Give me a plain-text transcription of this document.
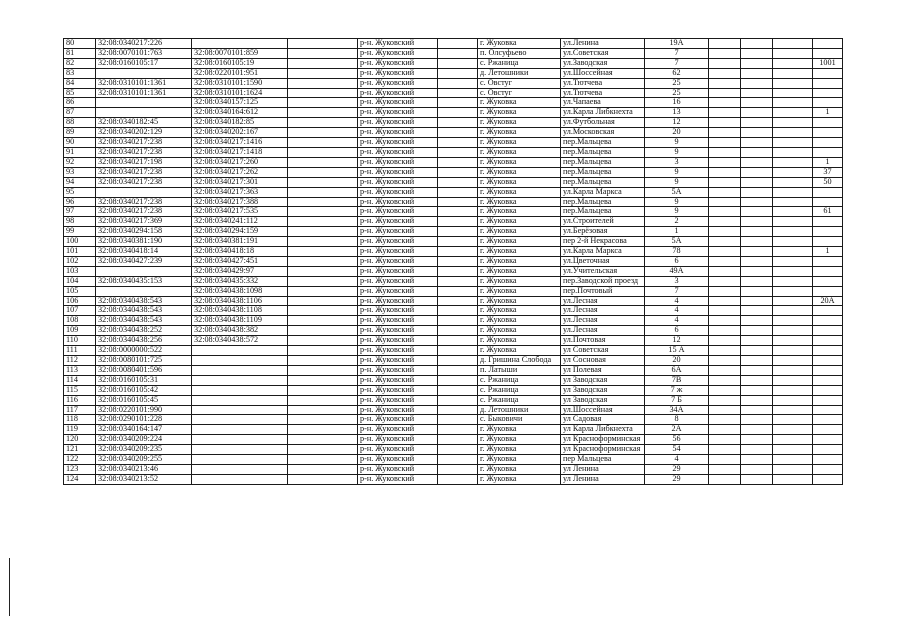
80	32:08:0340217:226			р-н. Жуковский		г. Жуковка	ул.Ленина	19А				
81	32:08:0070101:763	32:08:0070101:859		р-н. Жуковский		п. Олсуфьево	ул.Советская	7				
82	32:08:0160105:17	32:08:0160105:19		р-н. Жуковский		с. Ржаница	ул.Заводская	7				1001
83		32:08:0220101:951		р-н. Жуковский		д. Летошники	ул.Шоссейная	62				
84	32:08:0310101:1361	32:08:0310101:1590		р-н. Жуковский		с. Овстуг	ул.Тютчева	25				
85	32:08:0310101:1361	32:08:0310101:1624		р-н. Жуковский		с. Овстуг	ул.Тютчева	25				
86		32:08:0340157:125		р-н. Жуковский		г. Жуковка	ул.Чапаева	16				
87		32:08:0340164:612		р-н. Жуковский		г. Жуковка	ул.Карла Либкнехта	13				1
88	32:08:0340182:45	32:08:0340182:85		р-н. Жуковский		г. Жуковка	ул.Футбольная	12				
89	32:08:0340202:129	32:08:0340202:167		р-н. Жуковский		г. Жуковка	ул.Московская	20				
90	32:08:0340217:238	32:08:0340217:1416		р-н. Жуковский		г. Жуковка	пер.Мальцева	9				
91	32:08:0340217:238	32:08:0340217:1418		р-н. Жуковский		г. Жуковка	пер.Мальцева	9				
92	32:08:0340217:198	32:08:0340217:260		р-н. Жуковский		г. Жуковка	пер.Мальцева	3				1
93	32:08:0340217:238	32:08:0340217:262		р-н. Жуковский		г. Жуковка	пер.Мальцева	9				37
94	32:08:0340217:238	32:08:0340217:301		р-н. Жуковский		г. Жуковка	пер.Мальцева	9				50
95		32:08:0340217:363		р-н. Жуковский		г. Жуковка	ул.Карла Маркса	5А				
96	32:08:0340217:238	32:08:0340217:388		р-н. Жуковский		г. Жуковка	пер.Мальцева	9				
97	32:08:0340217:238	32:08:0340217:535		р-н. Жуковский		г. Жуковка	пер.Мальцева	9				61
98	32:08:0340217:369	32:08:0340241:112		р-н. Жуковский		г. Жуковка	ул.Строителей	2				
99	32:08:0340294:158	32:08:0340294:159		р-н. Жуковский		г. Жуковка	ул.Берёзовая	1				
100	32:08:0340381:190	32:08:0340381:191		р-н. Жуковский		г. Жуковка	пер 2-й Некрасова	5А				
101	32:08:0340418:14	32:08:0340418:18		р-н. Жуковский		г. Жуковка	ул.Карла Маркса	78				1
102	32:08:0340427:239	32:08:0340427:451		р-н. Жуковский		г. Жуковка	ул.Цветочная	6				
103		32:08:0340429:97		р-н. Жуковский		г. Жуковка	ул.Учительская	49А				
104	32:08:0340435:153	32:08:0340435:332		р-н. Жуковский		г. Жуковка	пер.Заводской проезд	3				
105		32:08:0340438:1098		р-н. Жуковский		г. Жуковка	пер.Почтовый	7				
106	32:08:0340438:543	32:08:0340438:1106		р-н. Жуковский		г. Жуковка	ул.Лесная	4				20А
107	32:08:0340438:543	32:08:0340438:1108		р-н. Жуковский		г. Жуковка	ул.Лесная	4				
108	32:08:0340438:543	32:08:0340438:1109		р-н. Жуковский		г. Жуковка	ул.Лесная	4				
109	32:08:0340438:252	32:08:0340438:382		р-н. Жуковский		г. Жуковка	ул.Лесная	6				
110	32:08:0340438:256	32:08:0340438:572		р-н. Жуковский		г. Жуковка	ул.Почтовая	12				
111	32:08:0000000:522			р-н. Жуковский		г. Жуковка	ул Советская	15 А				
112	32:08:0080101:725			р-н. Жуковский		д. Гришина Слобода	ул Сосновая	20				
113	32:08:0080401:596			р-н. Жуковский		п. Латыши	ул Полевая	6А				
114	32:08:0160105:31			р-н. Жуковский		с. Ржаница	ул Заводская	7В				
115	32:08:0160105:42			р-н. Жуковский		с. Ржаница	ул Заводская	7 ж				
116	32:08:0160105:45			р-н. Жуковский		с. Ржаница	ул Заводская	7 Б				
117	32:08:0220101:990			р-н. Жуковский		д. Летошники	ул.Шоссейная	34А				
118	32:08:0290101:228			р-н. Жуковский		с. Быковичи	ул Садовая	8				
119	32:08:0340164:147			р-н. Жуковский		г. Жуковка	ул Карла Либкнехта	2А				
120	32:08:0340209:224			р-н. Жуковский		г. Жуковка	ул Красноформинская	56				
121	32:08:0340209:235			р-н. Жуковский		г. Жуковка	ул Красноформинская	54				
122	32:08:0340209:255			р-н. Жуковский		г. Жуковка	пер Мальцева	4				
123	32:08:0340213:46			р-н. Жуковский		г. Жуковка	ул Ленина	29				
124	32:08:0340213:52			р-н. Жуковский		г. Жуковка	ул Ленина	29				
